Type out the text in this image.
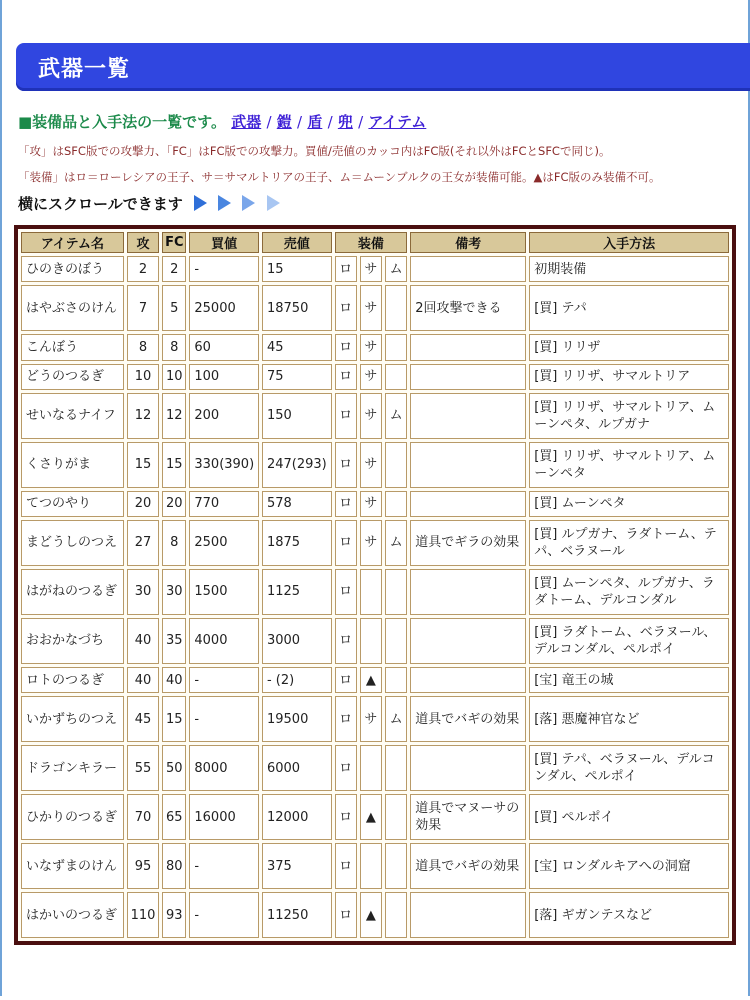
武器一覧
■装備品と入手法の一覧です。 武器 / 鎧 / 盾 / 兜 / アイテム
「攻」はSFC版での攻撃力、「FC」はFC版での攻撃力。買値/売値のカッコ内はFC版(それ以外はFCとSFCで同じ)。
「装備」はロ＝ローレシアの王子、サ＝サマルトリアの王子、ム＝ムーンブルクの王女が装備可能。▲はFC版のみ装備不可。
横にスクロールできます
アイテム名	攻	FC	買値	売値	装備			備考	入手方法
ひのきのぼう	2	2	-	15	ロ	サ	ム		初期装備
はやぶさのけん	7	5	25000	18750	ロ	サ		2回攻撃できる	[買] テパ
こんぼう	8	8	60	45	ロ	サ			[買] リリザ
どうのつるぎ	10	10	100	75	ロ	サ			[買] リリザ、サマルトリア
せいなるナイフ	12	12	200	150	ロ	サ	ム		[買] リリザ、サマルトリア、ムーンペタ、ルプガナ
くさりがま	15	15	330(390)	247(293)	ロ	サ			[買] リリザ、サマルトリア、ムーンペタ
てつのやり	20	20	770	578	ロ	サ			[買] ムーンペタ
まどうしのつえ	27	8	2500	1875	ロ	サ	ム	道具でギラの効果	[買] ルプガナ、ラダトーム、テパ、ベラヌール
はがねのつるぎ	30	30	1500	1125	ロ				[買] ムーンペタ、ルプガナ、ラダトーム、デルコンダル
おおかなづち	40	35	4000	3000	ロ				[買] ラダトーム、ベラヌール、デルコンダル、ペルポイ
ロトのつるぎ	40	40	-	- (2)	ロ	▲			[宝] 竜王の城
いかずちのつえ	45	15	-	19500	ロ	サ	ム	道具でバギの効果	[落] 悪魔神官など
ドラゴンキラー	55	50	8000	6000	ロ				[買] テパ、ベラヌール、デルコンダル、ペルポイ
ひかりのつるぎ	70	65	16000	12000	ロ	▲		道具でマヌーサの効果	[買] ペルポイ
いなずまのけん	95	80	-	375	ロ			道具でバギの効果	[宝] ロンダルキアへの洞窟
はかいのつるぎ	110	93	-	11250	ロ	▲			[落] ギガンテスなど
